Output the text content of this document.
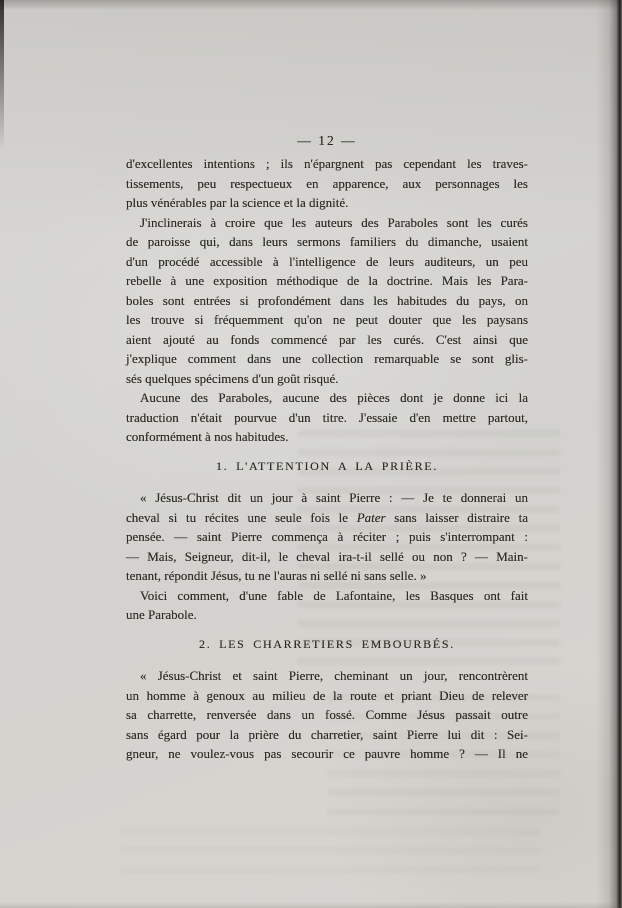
— 12 —
d'excellentes intentions ; ils n'épargnent pas cependant les traves-
tissements, peu respectueux en apparence, aux personnages les
plus vénérables par la science et la dignité.
J'inclinerais à croire que les auteurs des Paraboles sont les curés
de paroisse qui, dans leurs sermons familiers du dimanche, usaient
d'un procédé accessible à l'intelligence de leurs auditeurs, un peu
rebelle à une exposition méthodique de la doctrine. Mais les Para-
boles sont entrées si profondément dans les habitudes du pays, on
les trouve si fréquemment qu'on ne peut douter que les paysans
aient ajouté au fonds commencé par les curés. C'est ainsi que
j'explique comment dans une collection remarquable se sont glis-
sés quelques spécimens d'un goût risqué.
Aucune des Paraboles, aucune des pièces dont je donne ici la
traduction n'était pourvue d'un titre. J'essaie d'en mettre partout,
conformément à nos habitudes.
1. L'ATTENTION A LA PRIÈRE.
« Jésus-Christ dit un jour à saint Pierre : — Je te donnerai un
cheval si tu récites une seule fois le Pater sans laisser distraire ta
pensée. — saint Pierre commença à réciter ; puis s'interrompant :
— Mais, Seigneur, dit-il, le cheval ira-t-il sellé ou non ? — Main-
tenant, répondit Jésus, tu ne l'auras ni sellé ni sans selle. »
Voici comment, d'une fable de Lafontaine, les Basques ont fait
une Parabole.
2. LES CHARRETIERS EMBOURBÉS.
« Jésus-Christ et saint Pierre, cheminant un jour, rencontrèrent
un homme à genoux au milieu de la route et priant Dieu de relever
sa charrette, renversée dans un fossé. Comme Jésus passait outre
sans égard pour la prière du charretier, saint Pierre lui dit : Sei-
gneur, ne voulez-vous pas secourir ce pauvre homme ? — Il ne
